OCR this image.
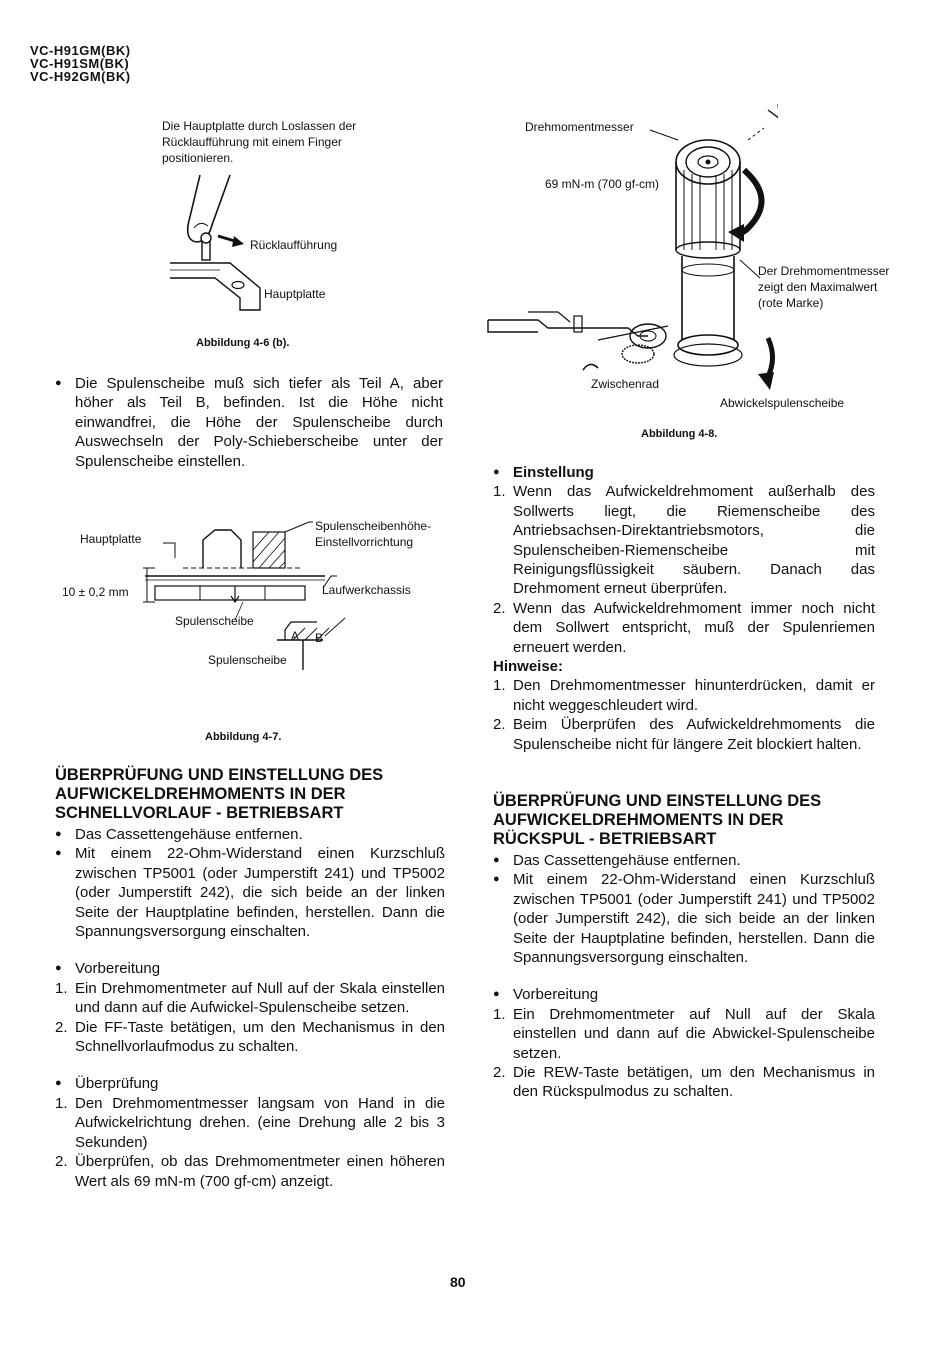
VC-H91GM(BK)
VC-H91SM(BK)
VC-H92GM(BK)
Die Hauptplatte durch Loslassen der Rücklaufführung mit einem Finger positionieren.
Rücklaufführung
Hauptplatte
Abbildung 4-6 (b).
● Die Spulenscheibe muß sich tiefer als Teil A, aber höher als Teil B, befinden. Ist die Höhe nicht einwandfrei, die Höhe der Spulenscheibe durch Auswechseln der Poly-Schieberscheibe unter der Spulenscheibe einstellen.
Hauptplatte
Spulenscheibenhöhe-
Einstellvorrichtung
10 ± 0,2 mm	Laufwerkchassis
Spulenscheibe
Spulenscheibe
A B
Abbildung 4-7.
ÜBERPRÜFUNG UND EINSTELLUNG DES AUFWICKELDREHMOMENTS IN DER SCHNELLVORLAUF - BETRIEBSART
● Das Cassettengehäuse entfernen.
● Mit einem 22-Ohm-Widerstand einen Kurzschluß zwischen TP5001 (oder Jumperstift 241) und TP5002 (oder Jumperstift 242), die sich beide an der linken Seite der Hauptplatine befinden, herstellen. Dann die Spannungsversorgung einschalten.
● Vorbereitung
1. Ein Drehmomentmeter auf Null auf der Skala einstellen und dann auf die Aufwickel-Spulenscheibe setzen.
2. Die FF-Taste betätigen, um den Mechanismus in den Schnellvorlaufmodus zu schalten.
● Überprüfung
1. Den Drehmomentmesser langsam von Hand in die Aufwickelrichtung drehen. (eine Drehung alle 2 bis 3 Sekunden)
2. Überprüfen, ob das Drehmomentmeter einen höheren Wert als 69 mN-m (700 gf-cm) anzeigt.
Drehmomentmesser
69 mN-m (700 gf-cm)
Der Drehmomentmesser
zeigt den Maximalwert
(rote Marke)
Zwischenrad
Abwickelspulenscheibe
Abbildung 4-8.
● Einstellung
1. Wenn das Aufwickeldrehmoment außerhalb des Sollwerts liegt, die Riemenscheibe des Antriebsachsen-Direktantriebsmotors, die Spulenscheiben-Riemenscheibe mit Reinigungsflüssigkeit säubern. Danach das Drehmoment erneut überprüfen.
2. Wenn das Aufwickeldrehmoment immer noch nicht dem Sollwert entspricht, muß der Spulenriemen erneuert werden.
Hinweise:
1. Den Drehmomentmesser hinunterdrücken, damit er nicht weggeschleudert wird.
2. Beim Überprüfen des Aufwickeldrehmoments die Spulenscheibe nicht für längere Zeit blockiert halten.
ÜBERPRÜFUNG UND EINSTELLUNG DES AUFWICKELDREHMOMENTS IN DER RÜCKSPUL - BETRIEBSART
● Das Cassettengehäuse entfernen.
● Mit einem 22-Ohm-Widerstand einen Kurzschluß zwischen TP5001 (oder Jumperstift 241) und TP5002 (oder Jumperstift 242), die sich beide an der linken Seite der Hauptplatine befinden, herstellen. Dann die Spannungsversorgung einschalten.
● Vorbereitung
1. Ein Drehmomentmeter auf Null auf der Skala einstellen und dann auf die Abwickel-Spulenscheibe setzen.
2. Die REW-Taste betätigen, um den Mechanismus in den Rückspulmodus zu schalten.
80
